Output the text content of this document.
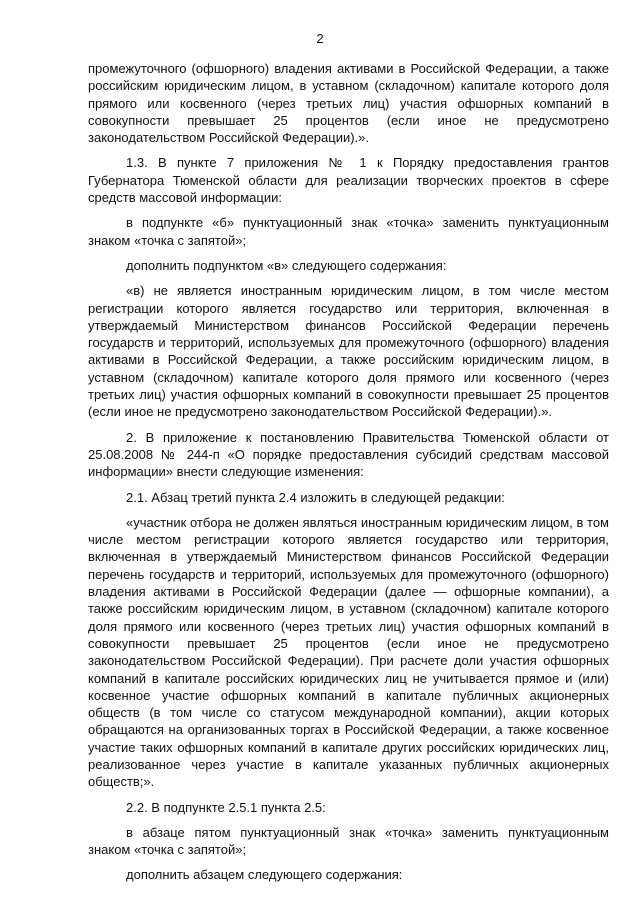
2

промежуточного (офшорного) владения активами в Российской Федерации, а также российским юридическим лицом, в уставном (складочном) капитале которого доля прямого или косвенного (через третьих лиц) участия офшорных компаний в совокупности превышает 25 процентов (если иное не предусмотрено законодательством Российской Федерации).».

1.3. В пункте 7 приложения № 1 к Порядку предоставления грантов Губернатора Тюменской области для реализации творческих проектов в сфере средств массовой информации:

в подпункте «б» пунктуационный знак «точка» заменить пунктуационным знаком «точка с запятой»;

дополнить подпунктом «в» следующего содержания:

«в) не является иностранным юридическим лицом, в том числе местом регистрации которого является государство или территория, включенная в утверждаемый Министерством финансов Российской Федерации перечень государств и территорий, используемых для промежуточного (офшорного) владения активами в Российской Федерации, а также российским юридическим лицом, в уставном (складочном) капитале которого доля прямого или косвенного (через третьих лиц) участия офшорных компаний в совокупности превышает 25 процентов (если иное не предусмотрено законодательством Российской Федерации).».

2. В приложение к постановлению Правительства Тюменской области от 25.08.2008 № 244-п «О порядке предоставления субсидий средствам массовой информации» внести следующие изменения:

2.1. Абзац третий пункта 2.4 изложить в следующей редакции:

«участник отбора не должен являться иностранным юридическим лицом, в том числе местом регистрации которого является государство или территория, включенная в утверждаемый Министерством финансов Российской Федерации перечень государств и территорий, используемых для промежуточного (офшорного) владения активами в Российской Федерации (далее — офшорные компании), а также российским юридическим лицом, в уставном (складочном) капитале которого доля прямого или косвенного (через третьих лиц) участия офшорных компаний в совокупности превышает 25 процентов (если иное не предусмотрено законодательством Российской Федерации). При расчете доли участия офшорных компаний в капитале российских юридических лиц не учитывается прямое и (или) косвенное участие офшорных компаний в капитале публичных акционерных обществ (в том числе со статусом международной компании), акции которых обращаются на организованных торгах в Российской Федерации, а также косвенное участие таких офшорных компаний в капитале других российских юридических лиц, реализованное через участие в капитале указанных публичных акционерных обществ;».

2.2. В подпункте 2.5.1 пункта 2.5:

в абзаце пятом пунктуационный знак «точка» заменить пунктуационным знаком «точка с запятой»;

дополнить абзацем следующего содержания:
